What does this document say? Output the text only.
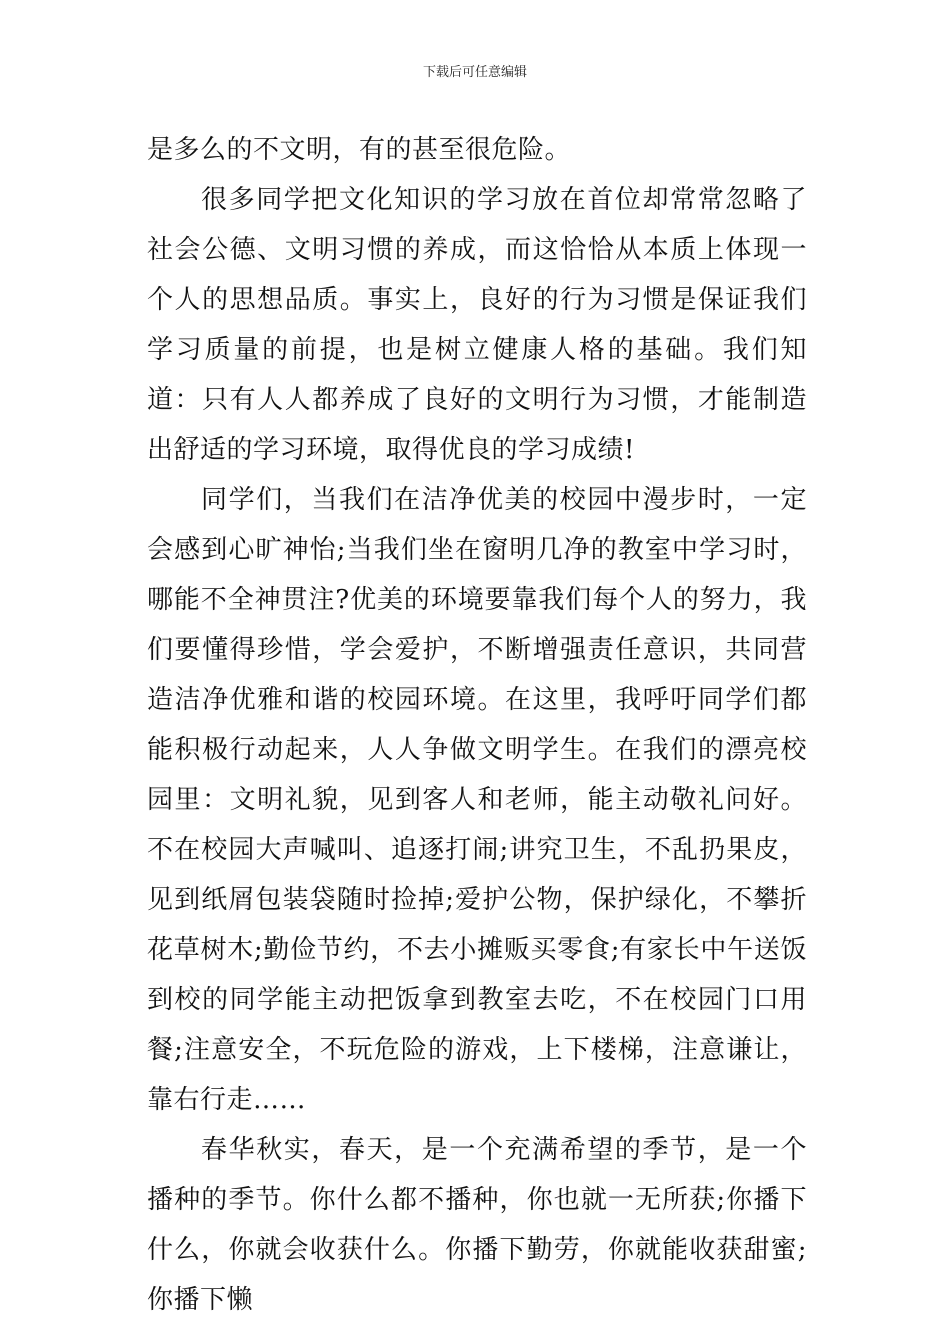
下载后可任意编辑

是多么的不文明，有的甚至很危险。

很多同学把文化知识的学习放在首位却常常忽略了社会公德、文明习惯的养成，而这恰恰从本质上体现一个人的思想品质。事实上，良好的行为习惯是保证我们学习质量的前提，也是树立健康人格的基础。我们知道：只有人人都养成了良好的文明行为习惯，才能制造出舒适的学习环境，取得优良的学习成绩!

同学们，当我们在洁净优美的校园中漫步时，一定会感到心旷神怡;当我们坐在窗明几净的教室中学习时，哪能不全神贯注?优美的环境要靠我们每个人的努力，我们要懂得珍惜，学会爱护，不断增强责任意识，共同营造洁净优雅和谐的校园环境。在这里，我呼吁同学们都能积极行动起来，人人争做文明学生。在我们的漂亮校园里：文明礼貌，见到客人和老师，能主动敬礼问好。不在校园大声喊叫、追逐打闹;讲究卫生，不乱扔果皮，见到纸屑包装袋随时捡掉;爱护公物，保护绿化，不攀折花草树木;勤俭节约，不去小摊贩买零食;有家长中午送饭到校的同学能主动把饭拿到教室去吃，不在校园门口用餐;注意安全，不玩危险的游戏，上下楼梯，注意谦让，靠右行走……

春华秋实，春天，是一个充满希望的季节，是一个播种的季节。你什么都不播种，你也就一无所获;你播下什么，你就会收获什么。你播下勤劳，你就能收获甜蜜;你播下懒
